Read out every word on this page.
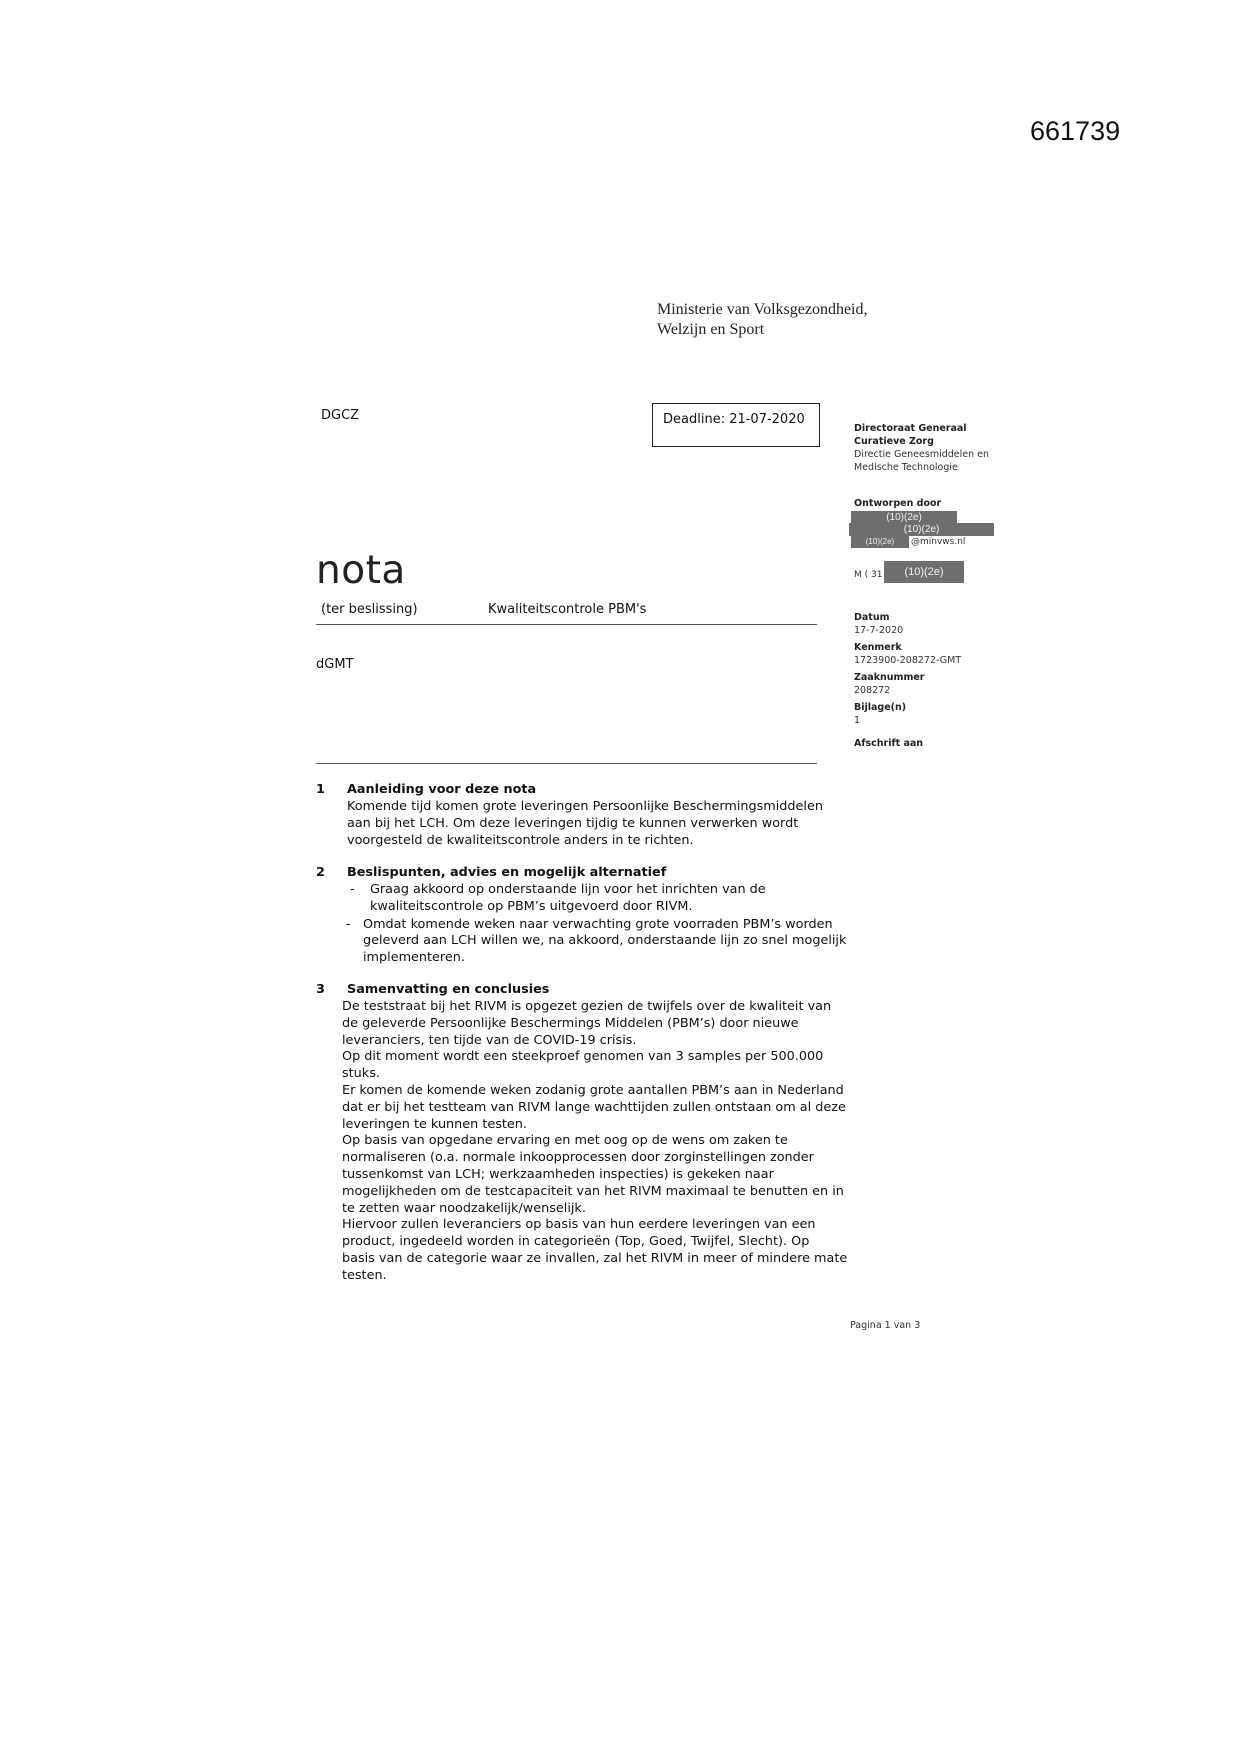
661739
Ministerie van Volksgezondheid,
Welzijn en Sport
DGCZ	Deadline: 21-07-2020
Directoraat Generaal
Curatieve Zorg
Directie Geneesmiddelen en
Medische Technologie
Ontworpen door
(10)(2e)
(10)(2e)
(10)(2e)	@minvws.nl
M ( 31	(10)(2e)
Datum
17-7-2020
Kenmerk
1723900-208272-GMT
Zaaknummer
208272
Bijlage(n)
1
Afschrift aan
nota
(ter beslissing)	Kwaliteitscontrole PBM's
dGMT
1 Aanleiding voor deze nota

Komende tijd komen grote leveringen Persoonlijke Beschermingsmiddelen

aan bij het LCH. Om deze leveringen tijdig te kunnen verwerken wordt

voorgesteld de kwaliteitscontrole anders in te richten.

2 Beslispunten, advies en mogelijk alternatief
- Graag akkoord op onderstaande lijn voor het inrichten van de

kwaliteitscontrole op PBM’s uitgevoerd door RIVM.

- Omdat komende weken naar verwachting grote voorraden PBM’s worden

geleverd aan LCH willen we, na akkoord, onderstaande lijn zo snel mogelijk

implementeren.

3 Samenvatting en conclusies

De teststraat bij het RIVM is opgezet gezien de twijfels over de kwaliteit van

de geleverde Persoonlijke Beschermings Middelen (PBM’s) door nieuwe

leveranciers, ten tijde van de COVID-19 crisis.

Op dit moment wordt een steekproef genomen van 3 samples per 500.000

stuks.

Er komen de komende weken zodanig grote aantallen PBM’s aan in Nederland

dat er bij het testteam van RIVM lange wachttijden zullen ontstaan om al deze

leveringen te kunnen testen.

Op basis van opgedane ervaring en met oog op de wens om zaken te

normaliseren (o.a. normale inkoopprocessen door zorginstellingen zonder

tussenkomst van LCH; werkzaamheden inspecties) is gekeken naar

mogelijkheden om de testcapaciteit van het RIVM maximaal te benutten en in

te zetten waar noodzakelijk/wenselijk.

Hiervoor zullen leveranciers op basis van hun eerdere leveringen van een

product, ingedeeld worden in categorieën (Top, Goed, Twijfel, Slecht). Op

basis van de categorie waar ze invallen, zal het RIVM in meer of mindere mate

testen.

Pagina 1 van 3
